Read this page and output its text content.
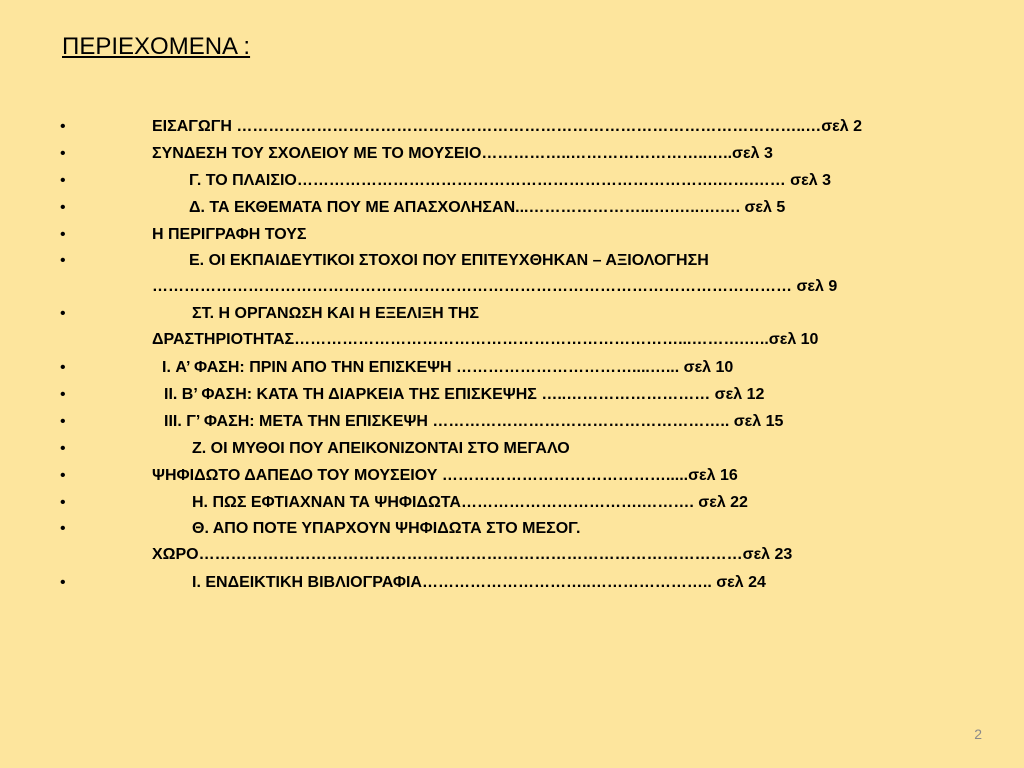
ΠΕΡΙΕΧΟΜΕΝΑ :
•	ΕΙΣΑΓΩΓΗ ……………………………………………………………………………………………..…σελ 2
•	ΣΥΝΔΕΣΗ ΤΟΥ ΣΧΟΛΕΙΟΥ ΜΕ ΤΟ ΜΟΥΣΕΙΟ……………..……………………..…..σελ 3
•	Γ. ΤΟ ΠΛΑΙΣΙΟ…………………………………………………………………….…….…… σελ 3
•	Δ. ΤΑ ΕΚΘΕΜΑΤΑ ΠΟΥ ΜΕ ΑΠΑΣΧΟΛΗΣΑΝ...…………………...….…..….…. σελ 5
•	Η ΠΕΡΙΓΡΑΦΗ ΤΟΥΣ
•	Ε. ΟΙ ΕΚΠΑΙΔΕΥΤΙΚΟΙ ΣΤΟΧΟΙ ΠΟΥ ΕΠΙΤΕΥΧΘΗΚΑΝ – ΑΞΙΟΛΟΓΗΣΗ
………………………………………………………………………………………………………… σελ 9
•	ΣΤ. Η ΟΡΓΑΝΩΣΗ ΚΑΙ Η ΕΞΕΛΙΞΗ ΤΗΣ
ΔΡΑΣΤΗΡΙΟΤΗΤΑΣ………………………………………………………………...……….…..σελ 10
•	I. Α’ ΦΑΣΗ: ΠΡΙΝ ΑΠΟ ΤΗΝ ΕΠΙΣΚΕΨΗ ……………………………....…... σελ 10
•	II. Β’ ΦΑΣΗ: ΚΑΤΑ ΤΗ ΔΙΑΡΚΕΙΑ ΤΗΣ ΕΠΙΣΚΕΨΗΣ …..……………………… σελ 12
•	III. Γ’ ΦΑΣΗ: ΜΕΤΑ ΤΗΝ ΕΠΙΣΚΕΨΗ ……………………………………………….. σελ 15
•	Ζ. ΟΙ ΜΥΘΟΙ ΠΟΥ ΑΠΕΙΚΟΝΙΖΟΝΤΑΙ ΣΤΟ ΜΕΓΑΛΟ
•	ΨΗΦΙΔΩΤΟ ΔΑΠΕΔΟ ΤΟΥ ΜΟΥΣΕΙΟΥ …………………………………….....σελ 16
•	Η. ΠΩΣ ΕΦΤΙΑΧΝΑΝ ΤΑ ΨΗΦΙΔΩΤΑ…………………………….………. σελ 22
•	Θ. ΑΠΟ ΠΟΤΕ ΥΠΑΡΧΟΥΝ ΨΗΦΙΔΩΤΑ ΣΤΟ ΜΕΣΟΓ.
ΧΩΡΟ…………………………………………………………………………………………σελ 23
•	Ι. ΕΝΔΕΙΚΤΙΚΗ ΒΙΒΛΙΟΓΡΑΦΙΑ…………………………..………………….. σελ 24
2
